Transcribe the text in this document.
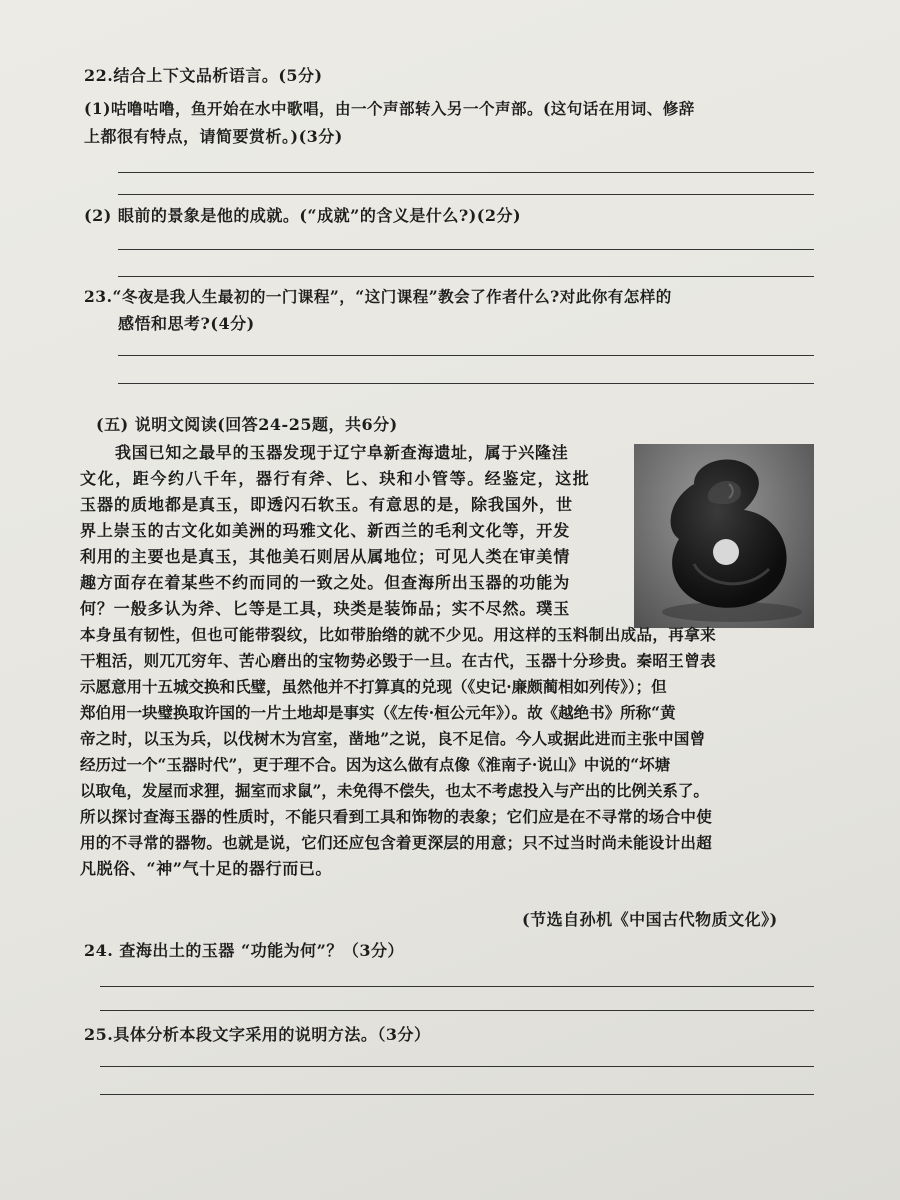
22.结合上下文品析语言。(5分)
(1)咕噜咕噜，鱼开始在水中歌唱，由一个声部转入另一个声部。(这句话在用词、修辞
上都很有特点，请简要赏析。)(3分)
(2) 眼前的景象是他的成就。(“成就”的含义是什么?)(2分)
23.“冬夜是我人生最初的一门课程”，“这门课程”教会了作者什么?对此你有怎样的
感悟和思考?(4分)
(五) 说明文阅读(回答24-25题，共6分)
我国已知之最早的玉器发现于辽宁阜新查海遗址，属于兴隆洼
文化，距今约八千年，器行有斧、匕、玦和小管等。经鉴定，这批
玉器的质地都是真玉，即透闪石软玉。有意思的是，除我国外，世
界上崇玉的古文化如美洲的玛雅文化、新西兰的毛利文化等，开发
利用的主要也是真玉，其他美石则居从属地位；可见人类在审美情
趣方面存在着某些不约而同的一致之处。但查海所出玉器的功能为
何？一般多认为斧、匕等是工具，玦类是装饰品；实不尽然。璞玉
本身虽有韧性，但也可能带裂纹，比如带胎绺的就不少见。用这样的玉料制出成品，再拿来
干粗活，则兀兀穷年、苦心磨出的宝物势必毁于一旦。在古代，玉器十分珍贵。秦昭王曾表
示愿意用十五城交换和氏璧，虽然他并不打算真的兑现（《史记·廉颇蔺相如列传》）；但
郑伯用一块璧换取许国的一片土地却是事实（《左传·桓公元年》）。故《越绝书》所称“黄
帝之时，以玉为兵，以伐树木为宫室，凿地”之说，良不足信。今人或据此进而主张中国曾
经历过一个“玉器时代”，更于理不合。因为这么做有点像《淮南子·说山》中说的“坏塘
以取龟，发屋而求狸，掘室而求鼠”，未免得不偿失，也太不考虑投入与产出的比例关系了。
所以探讨查海玉器的性质时，不能只看到工具和饰物的表象；它们应是在不寻常的场合中使
用的不寻常的器物。也就是说，它们还应包含着更深层的用意；只不过当时尚未能设计出超
凡脱俗、“神”气十足的器行而已。
(节选自孙机《中国古代物质文化》)
24. 查海出土的玉器 “功能为何”？（3分）
25.具体分析本段文字采用的说明方法。（3分）
